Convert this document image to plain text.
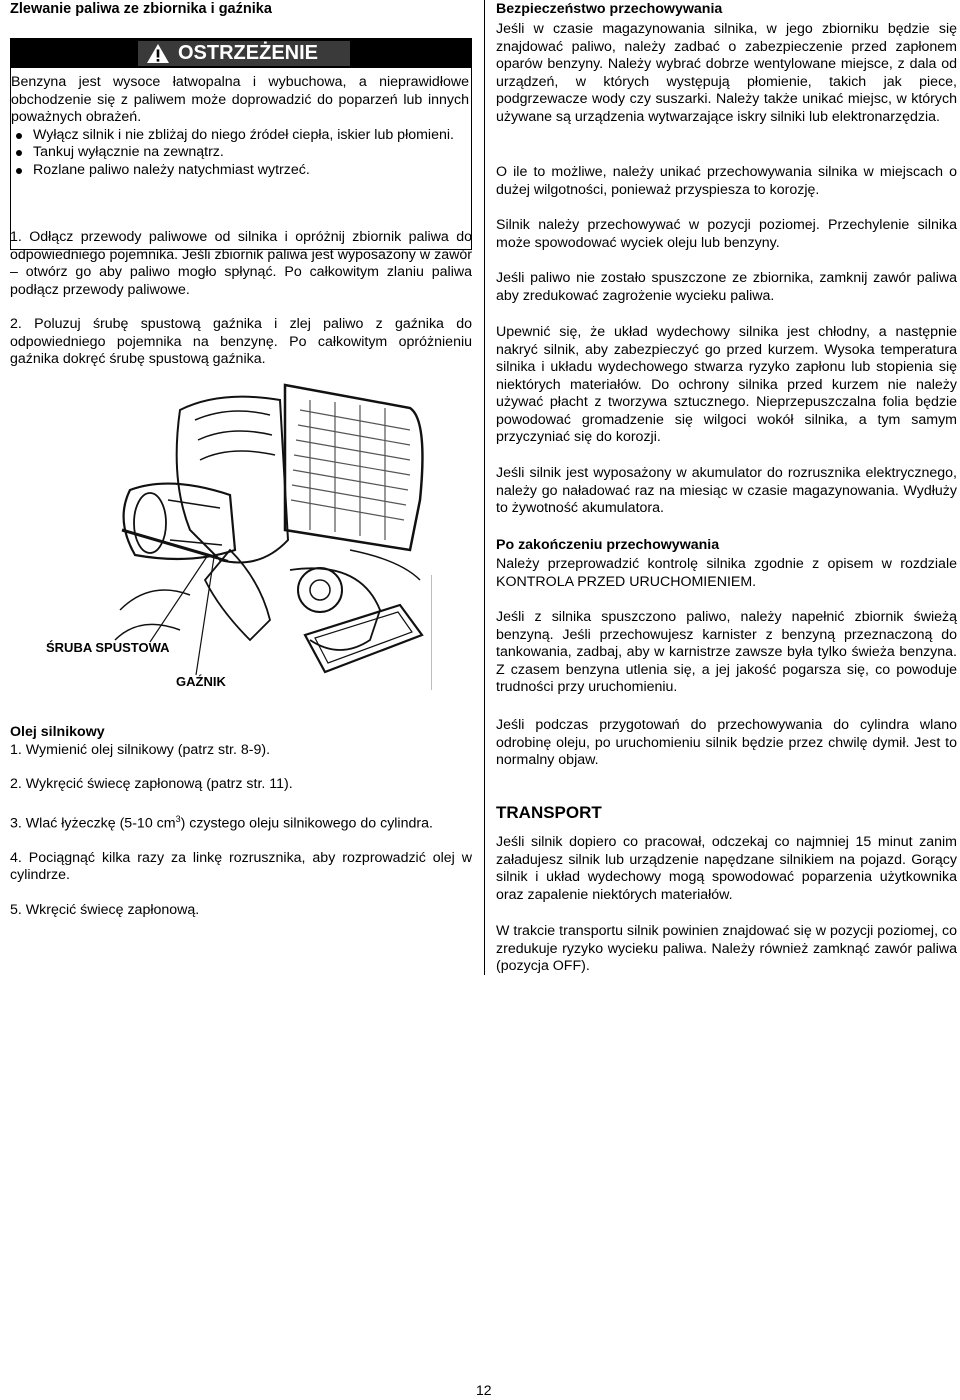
Zlewanie paliwa ze zbiornika i gaźnika
OSTRZEŻENIE

Benzyna jest wysoce łatwopalna i wybuchowa, a nieprawidłowe obchodzenie się z paliwem może doprowadzić do poparzeń lub innych poważnych obrażeń.

Wyłącz silnik i nie zbliżaj do niego źródeł ciepła, iskier lub płomieni.
Tankuj wyłącznie na zewnątrz.
Rozlane paliwo należy natychmiast wytrzeć.

1. Odłącz przewody paliwowe od silnika i opróżnij zbiornik paliwa do odpowiedniego pojemnika. Jeśli zbiornik paliwa jest wyposażony w zawór – otwórz go aby paliwo mogło spłynąć. Po całkowitym zlaniu paliwa podłącz przewody paliwowe.

2. Poluzuj śrubę spustową gaźnika i zlej paliwo z gaźnika do odpowiedniego pojemnika na benzynę. Po całkowitym opróżnieniu gaźnika dokręć śrubę spustową gaźnika.

ŚRUBA SPUSTOWA
GAŹNIK

Olej silnikowy

1. Wymienić olej silnikowy (patrz str. 8-9).

2. Wykręcić świecę zapłonową (patrz str. 11).

3. Wlać łyżeczkę (5-10 $cm^3$) czystego oleju silnikowego do cylindra.

4. Pociągnąć kilka razy za linkę rozrusznika, aby rozprowadzić olej w cylindrze.

5. Wkręcić świecę zapłonową.

Bezpieczeństwo przechowywania

Jeśli w czasie magazynowania silnika, w jego zbiorniku będzie się znajdować paliwo, należy zadbać o zabezpieczenie przed zapłonem oparów benzyny. Należy wybrać dobrze wentylowane miejsce, z dala od urządzeń, w których występują płomienie, takich jak piece, podgrzewacze wody czy suszarki. Należy także unikać miejsc, w których używane są urządzenia wytwarzające iskry silniki lub elektronarzędzia.

O ile to możliwe, należy unikać przechowywania silnika w miejscach o dużej wilgotności, ponieważ przyspiesza to korozję.

Silnik należy przechowywać w pozycji poziomej. Przechylenie silnika może spowodować wyciek oleju lub benzyny.

Jeśli paliwo nie zostało spuszczone ze zbiornika, zamknij zawór paliwa aby zredukować zagrożenie wycieku paliwa.

Upewnić się, że układ wydechowy silnika jest chłodny, a następnie nakryć silnik, aby zabezpieczyć go przed kurzem. Wysoka temperatura silnika i układu wydechowego stwarza ryzyko zapłonu lub stopienia się niektórych materiałów. Do ochrony silnika przed kurzem nie należy używać płacht z tworzywa sztucznego. Nieprzepuszczalna folia będzie powodować gromadzenie się wilgoci wokół silnika, a tym samym przyczyniać się do korozji.

Jeśli silnik jest wyposażony w akumulator do rozrusznika elektrycznego, należy go naładować raz na miesiąc w czasie magazynowania. Wydłuży to żywotność akumulatora.

Po zakończeniu przechowywania

Należy przeprowadzić kontrolę silnika zgodnie z opisem w rozdziale KONTROLA PRZED URUCHOMIENIEM.

Jeśli z silnika spuszczono paliwo, należy napełnić zbiornik świeżą benzyną. Jeśli przechowujesz karnister z benzyną przeznaczoną do tankowania, zadbaj, aby w karnistrze zawsze była tylko świeża benzyna. Z czasem benzyna utlenia się, a jej jakość pogarsza się, co powoduje trudności przy uruchomieniu.

Jeśli podczas przygotowań do przechowywania do cylindra wlano odrobinę oleju, po uruchomieniu silnik będzie przez chwilę dymił. Jest to normalny objaw.

TRANSPORT

Jeśli silnik dopiero co pracował, odczekaj co najmniej 15 minut zanim załadujesz silnik lub urządzenie napędzane silnikiem na pojazd. Gorący silnik i układ wydechowy mogą spowodować poparzenia użytkownika oraz zapalenie niektórych materiałów.

W trakcie transportu silnik powinien znajdować się w pozycji poziomej, co zredukuje ryzyko wycieku paliwa. Należy również zamknąć zawór paliwa (pozycja OFF).

12
